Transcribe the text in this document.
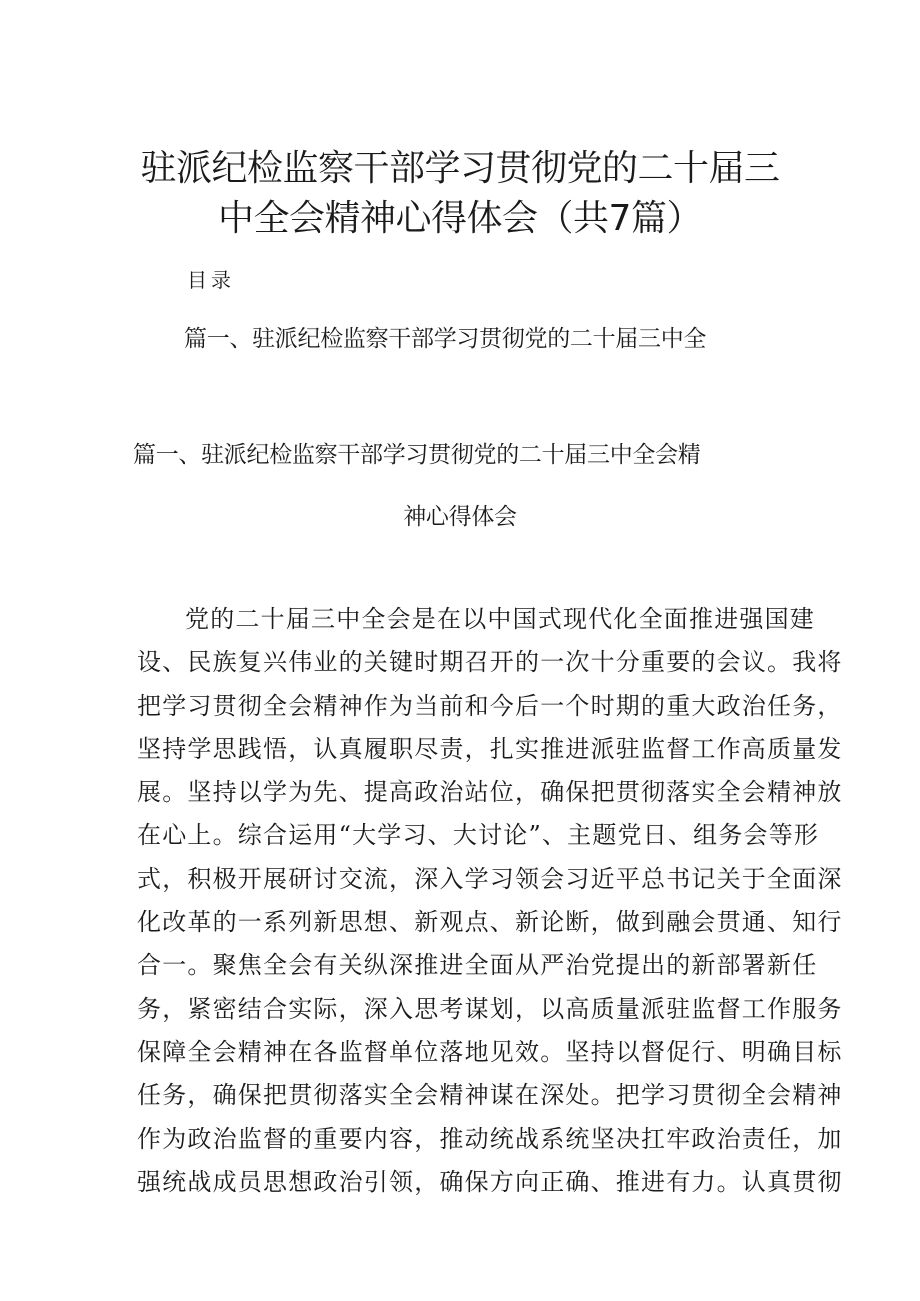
驻派纪检监察干部学习贯彻党的二十届三
中全会精神心得体会（共7篇）
目录
篇一、驻派纪检监察干部学习贯彻党的二十届三中全
篇一、驻派纪检监察干部学习贯彻党的二十届三中全会精
神心得体会
党的二十届三中全会是在以中国式现代化全面推进强国建
设、民族复兴伟业的关键时期召开的一次十分重要的会议。我将
把学习贯彻全会精神作为当前和今后一个时期的重大政治任务，
坚持学思践悟，认真履职尽责，扎实推进派驻监督工作高质量发
展。坚持以学为先、提高政治站位，确保把贯彻落实全会精神放
在心上。综合运用“大学习、大讨论”、主题党日、组务会等形
式，积极开展研讨交流，深入学习领会习近平总书记关于全面深
化改革的一系列新思想、新观点、新论断，做到融会贯通、知行
合一。聚焦全会有关纵深推进全面从严治党提出的新部署新任
务，紧密结合实际，深入思考谋划，以高质量派驻监督工作服务
保障全会精神在各监督单位落地见效。坚持以督促行、明确目标
任务，确保把贯彻落实全会精神谋在深处。把学习贯彻全会精神
作为政治监督的重要内容，推动统战系统坚决扛牢政治责任，加
强统战成员思想政治引领，确保方向正确、推进有力。认真贯彻
